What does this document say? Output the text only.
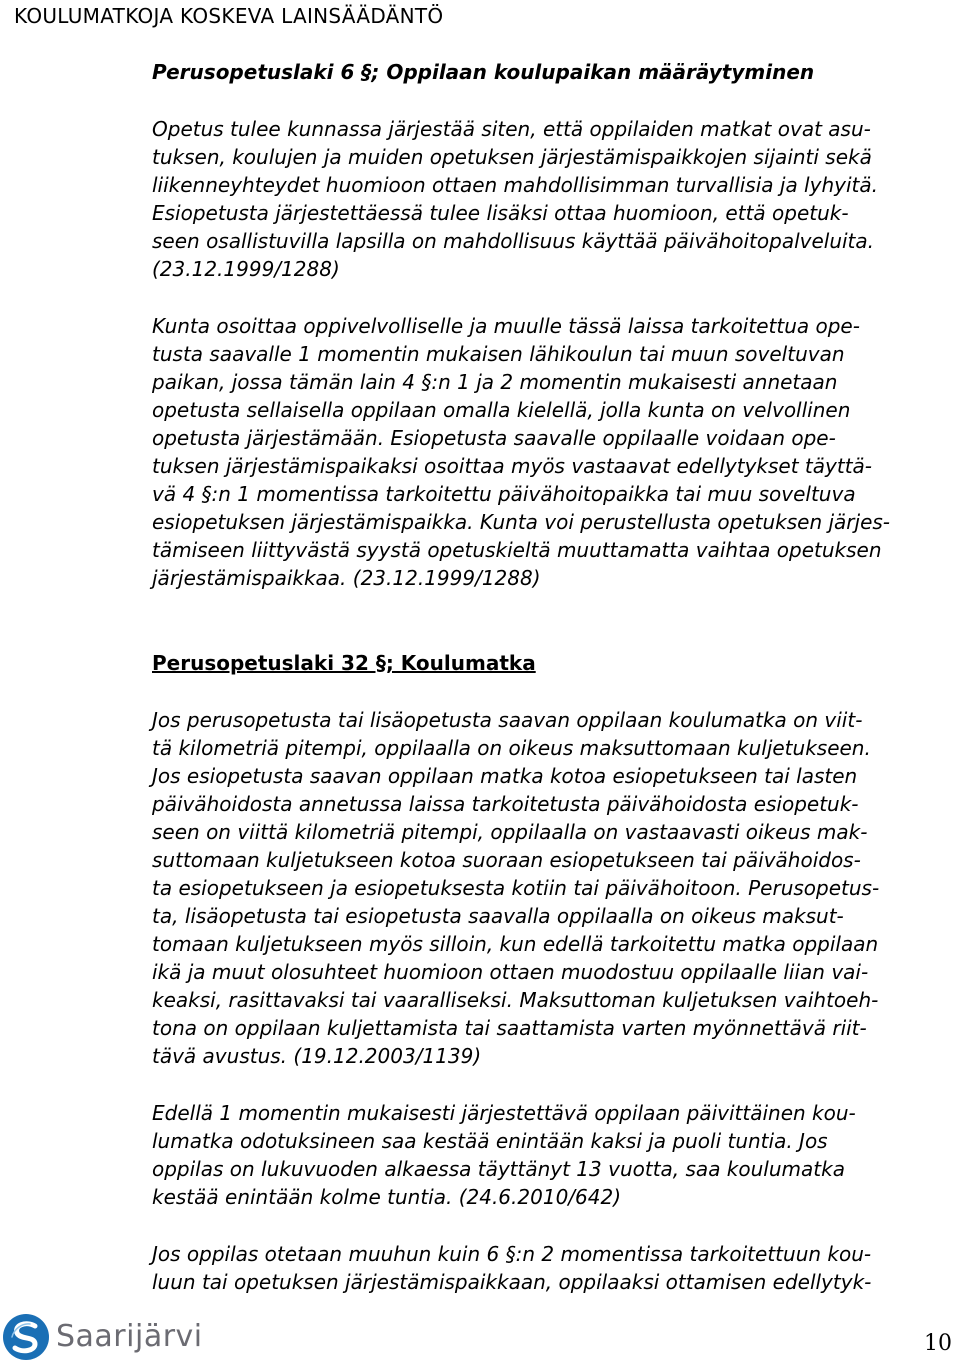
KOULUMATKOJA KOSKEVA LAINSÄÄDÄNTÖ
Perusopetuslaki 6 §; Oppilaan koulupaikan määräytyminen
Opetus tulee kunnassa järjestää siten, että oppilaiden matkat ovat asu-
tuksen, koulujen ja muiden opetuksen järjestämispaikkojen sijainti sekä
liikenneyhteydet huomioon ottaen mahdollisimman turvallisia ja lyhyitä.
Esiopetusta järjestettäessä tulee lisäksi ottaa huomioon, että opetuk-
seen osallistuvilla lapsilla on mahdollisuus käyttää päivähoitopalveluita.
(23.12.1999/1288)
Kunta osoittaa oppivelvolliselle ja muulle tässä laissa tarkoitettua ope-
tusta saavalle 1 momentin mukaisen lähikoulun tai muun soveltuvan
paikan, jossa tämän lain 4 §:n 1 ja 2 momentin mukaisesti annetaan
opetusta sellaisella oppilaan omalla kielellä, jolla kunta on velvollinen
opetusta järjestämään. Esiopetusta saavalle oppilaalle voidaan ope-
tuksen järjestämispaikaksi osoittaa myös vastaavat edellytykset täyttä-
vä 4 §:n 1 momentissa tarkoitettu päivähoitopaikka tai muu soveltuva
esiopetuksen järjestämispaikka. Kunta voi perustellusta opetuksen järjes-
tämiseen liittyvästä syystä opetuskieltä muuttamatta vaihtaa opetuksen
järjestämispaikkaa. (23.12.1999/1288)
Perusopetuslaki 32 §; Koulumatka
Jos perusopetusta tai lisäopetusta saavan oppilaan koulumatka on viit-
tä kilometriä pitempi, oppilaalla on oikeus maksuttomaan kuljetukseen.
Jos esiopetusta saavan oppilaan matka kotoa esiopetukseen tai lasten
päivähoidosta annetussa laissa tarkoitetusta päivähoidosta esiopetuk-
seen on viittä kilometriä pitempi, oppilaalla on vastaavasti oikeus mak-
suttomaan kuljetukseen kotoa suoraan esiopetukseen tai päivähoidos-
ta esiopetukseen ja esiopetuksesta kotiin tai päivähoitoon. Perusopetus-
ta, lisäopetusta tai esiopetusta saavalla oppilaalla on oikeus maksut-
tomaan kuljetukseen myös silloin, kun edellä tarkoitettu matka oppilaan
ikä ja muut olosuhteet huomioon ottaen muodostuu oppilaalle liian vai-
keaksi, rasittavaksi tai vaaralliseksi. Maksuttoman kuljetuksen vaihtoeh-
tona on oppilaan kuljettamista tai saattamista varten myönnettävä riit-
tävä avustus. (19.12.2003/1139)
Edellä 1 momentin mukaisesti järjestettävä oppilaan päivittäinen kou-
lumatka odotuksineen saa kestää enintään kaksi ja puoli tuntia. Jos
oppilas on lukuvuoden alkaessa täyttänyt 13 vuotta, saa koulumatka
kestää enintään kolme tuntia. (24.6.2010/642)
Jos oppilas otetaan muuhun kuin 6 §:n 2 momentissa tarkoitettuun kou-
luun tai opetuksen järjestämispaikkaan, oppilaaksi ottamisen edellytyk-
Saarijärvi	10
